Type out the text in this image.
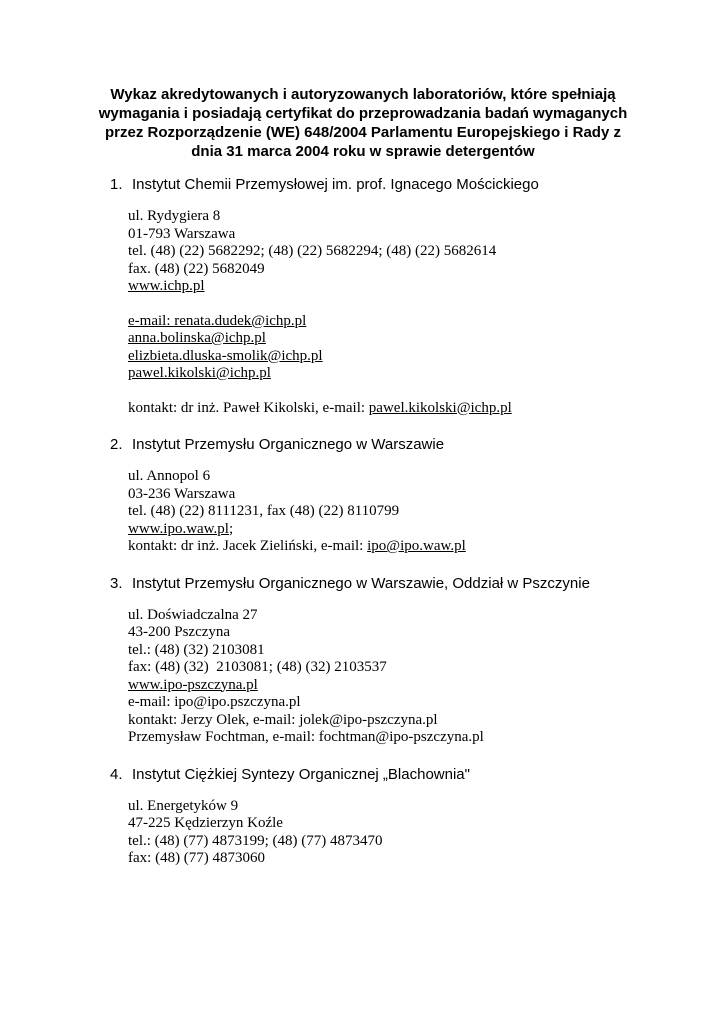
Wykaz akredytowanych i autoryzowanych laboratoriów, które spełniają wymagania i posiadają certyfikat do przeprowadzania badań wymaganych przez Rozporządzenie (WE) 648/2004 Parlamentu Europejskiego i Rady z dnia 31 marca 2004 roku w sprawie detergentów
1. Instytut Chemii Przemysłowej im. prof. Ignacego Mościckiego
ul. Rydygiera 8
01-793 Warszawa
tel. (48) (22) 5682292; (48) (22) 5682294; (48) (22) 5682614
fax. (48) (22) 5682049
www.ichp.pl
e-mail: renata.dudek@ichp.pl
anna.bolinska@ichp.pl
elizbieta.dluska-smolik@ichp.pl
pawel.kikolski@ichp.pl
kontakt: dr inż. Paweł Kikolski, e-mail: pawel.kikolski@ichp.pl
2. Instytut Przemysłu Organicznego w Warszawie
ul. Annopol 6
03-236 Warszawa
tel. (48) (22) 8111231, fax (48) (22) 8110799
www.ipo.waw.pl;
kontakt: dr inż. Jacek Zieliński, e-mail: ipo@ipo.waw.pl
3. Instytut Przemysłu Organicznego w Warszawie, Oddział w Pszczynie
ul. Doświadczalna 27
43-200 Pszczyna
tel.: (48) (32) 2103081
fax: (48) (32)  2103081; (48) (32) 2103537
www.ipo-pszczyna.pl
e-mail: ipo@ipo.pszczyna.pl
kontakt: Jerzy Olek, e-mail: jolek@ipo-pszczyna.pl
Przemysław Fochtman, e-mail: fochtman@ipo-pszczyna.pl
4. Instytut Ciężkiej Syntezy Organicznej „Blachownia"
ul. Energetyków 9
47-225 Kędzierzyn Koźle
tel.: (48) (77) 4873199; (48) (77) 4873470
fax: (48) (77) 4873060
